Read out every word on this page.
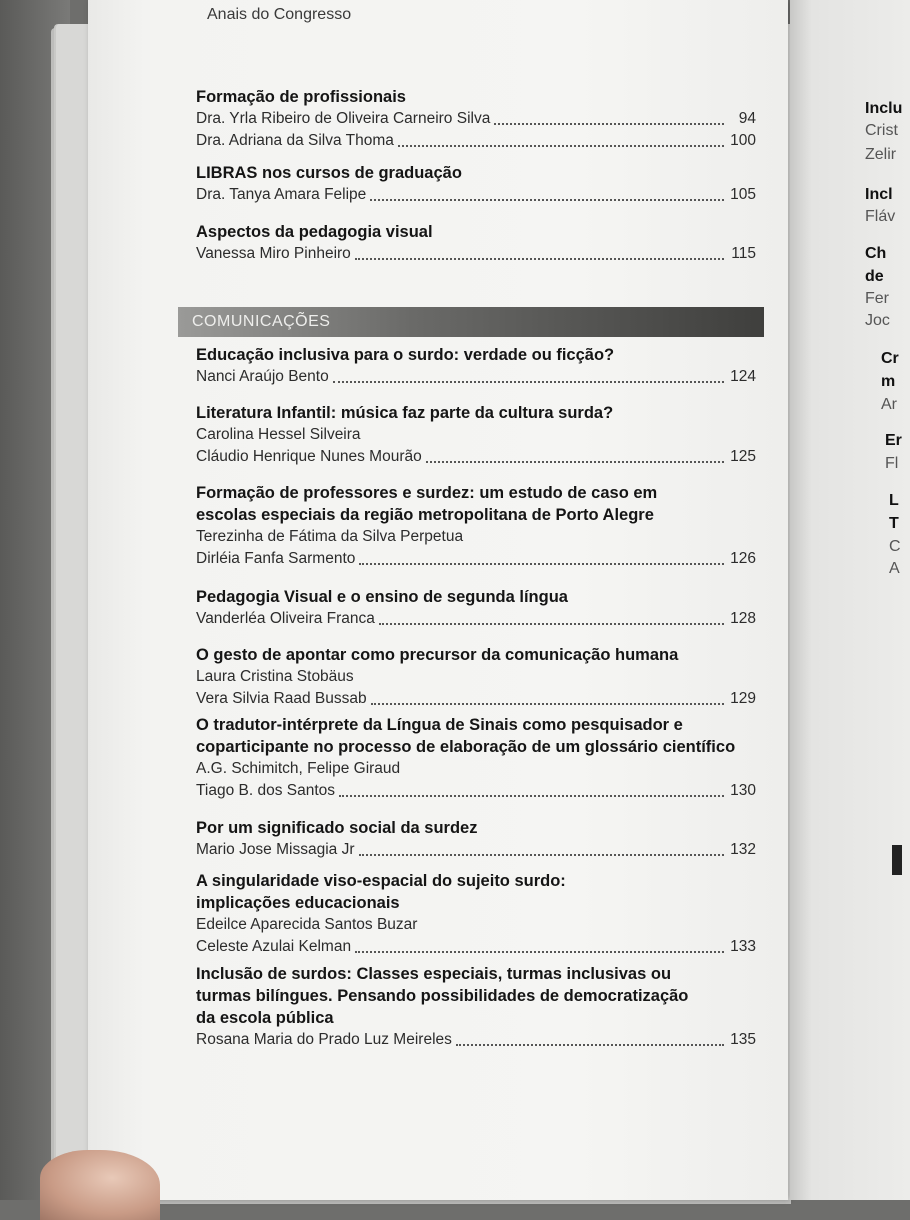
Inclu
Crist
Zelir
Incl
Fláv
Ch
de
Fer
Joc
Cr
m
Ar
Er
Fl
L
T
C
A
Anais do Congresso
COMUNICAÇÕES
Formação de profissionais
Dra. Yrla Ribeiro de Oliveira Carneiro Silva	94
Dra. Adriana da Silva Thoma	100
LIBRAS nos cursos de graduação
Dra. Tanya Amara Felipe	105
Aspectos da pedagogia visual
Vanessa Miro Pinheiro	115
Educação inclusiva para o surdo: verdade ou ficção?
Nanci Araújo Bento	124
Literatura Infantil: música faz parte da cultura surda?
Carolina Hessel Silveira
Cláudio Henrique Nunes Mourão	125
Formação de professores e surdez: um estudo de caso em escolas especiais da região metropolitana de Porto Alegre
Terezinha de Fátima da Silva Perpetua
Dirléia Fanfa Sarmento	126
Pedagogia Visual e o ensino de segunda língua
Vanderléa Oliveira Franca	128
O gesto de apontar como precursor da comunicação humana
Laura Cristina Stobäus
Vera Silvia Raad Bussab	129
O tradutor-intérprete da Língua de Sinais como pesquisador e coparticipante no processo de elaboração de um glossário científico
A.G. Schimitch, Felipe Giraud
Tiago B. dos Santos	130
Por um significado social da surdez
Mario Jose Missagia Jr	132
A singularidade viso-espacial do sujeito surdo: implicações educacionais
Edeilce Aparecida Santos Buzar
Celeste Azulai Kelman	133
Inclusão de surdos: Classes especiais, turmas inclusivas ou turmas bilíngues. Pensando possibilidades de democratização da escola pública
Rosana Maria do Prado Luz Meireles	135
